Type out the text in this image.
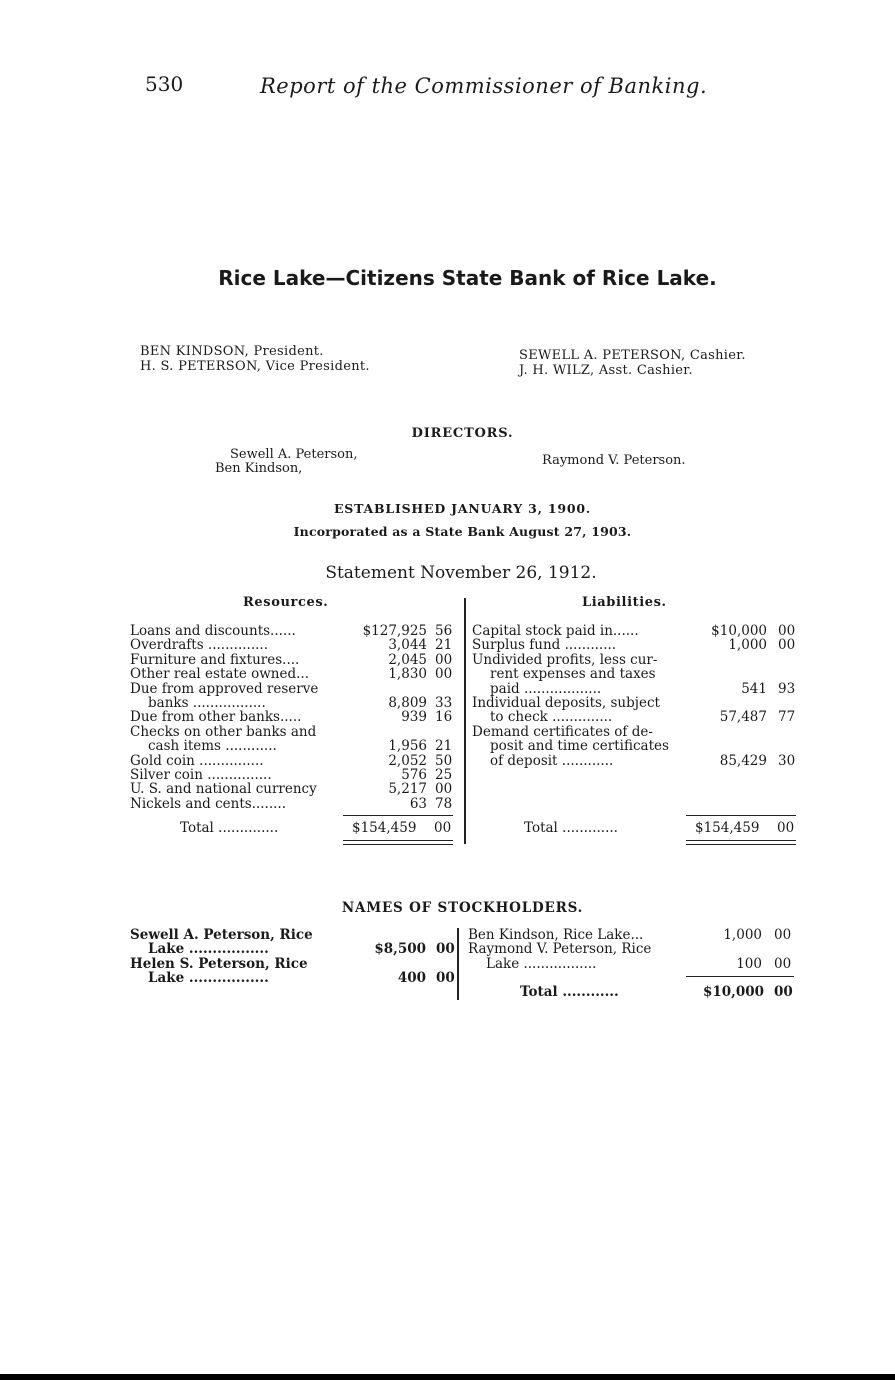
530	Report of the Commissioner of Banking.
Rice Lake—Citizens State Bank of Rice Lake.
BEN KINDSON, President.
H. S. PETERSON, Vice President.
SEWELL A. PETERSON, Cashier.
J. H. WILZ, Asst. Cashier.
DIRECTORS.
Sewell A. Peterson,
Ben Kindson,
Raymond V. Peterson.
ESTABLISHED JANUARY 3, 1900.
Incorporated as a State Bank August 27, 1903.
Statement November 26, 1912.
Resources.	Liabilities.
Loans and discounts......	$127,925 56
Overdrafts ..............	3,044 21
Furniture and fixtures....	2,045 00
Other real estate owned...	1,830 00
Due from approved reserve
banks .................	8,809 33
Due from other banks.....	939 16
Checks on other banks and
cash items ............	1,956 21
Gold coin ...............	2,052 50
Silver coin ...............	576 25
U. S. and national currency	5,217 00
Nickels and cents........	63 78
Capital stock paid in......	$10,000 00
Surplus fund ............	1,000 00
Undivided profits, less cur-
rent expenses and taxes
paid ..................	541 93
Individual deposits, subject
to check ..............	57,487 77
Demand certificates of de-
posit and time certificates
of deposit ............	85,429 30
Total ..............	$154,459 00	Total .............	$154,459 00
NAMES OF STOCKHOLDERS.
Sewell A. Peterson, Rice
Lake .................	$8,500 00
Helen S. Peterson, Rice
Lake .................	400 00
Ben Kindson, Rice Lake...	1,000 00
Raymond V. Peterson, Rice
Lake .................	100 00
Total ............	$10,000 00
